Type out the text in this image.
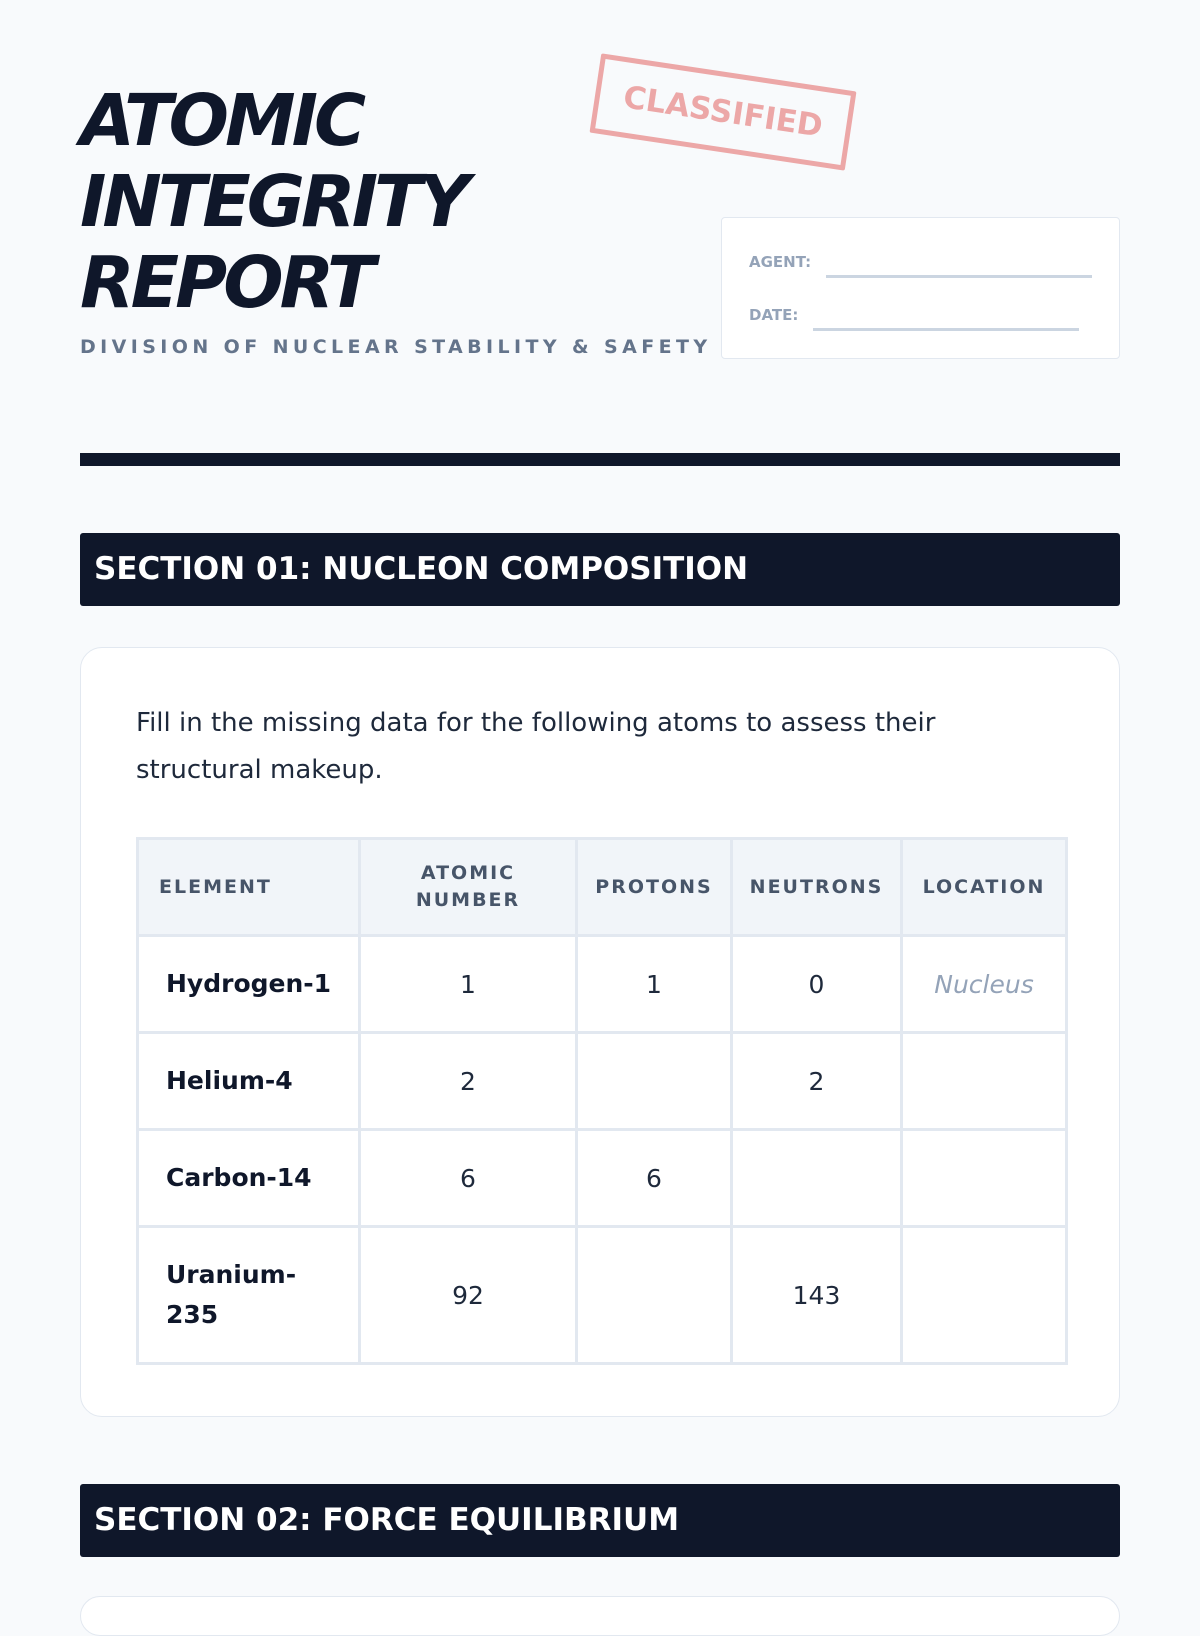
ATOMIC
INTEGRITY
REPORT
DIVISION OF NUCLEAR STABILITY & SAFETY
CLASSIFIED
AGENT:
DATE:
SECTION 01: NUCLEON COMPOSITION

Fill in the missing data for the following atoms to assess their structural makeup.

ELEMENT	ATOMIC NUMBER	PROTONS	NEUTRONS	LOCATION
Hydrogen-1	1	1	0	Nucleus
Helium-4	2		2	
Carbon-14	6	6		

Uranium-235	92		143	
SECTION 02: FORCE EQUILIBRIUM
